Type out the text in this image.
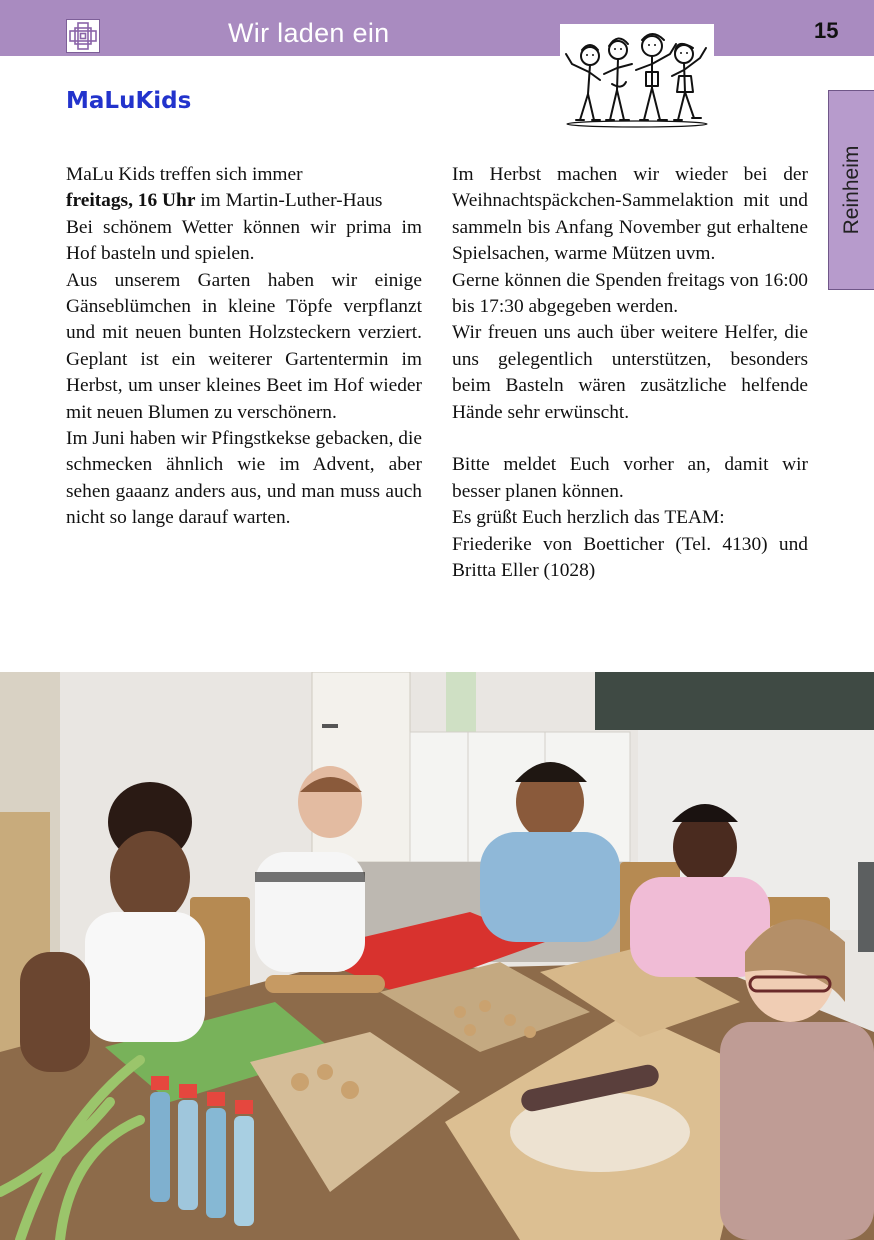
Wir laden ein	15
Reinheim
MaLuKids

MaLu Kids treffen sich immer
freitags, 16 Uhr im Martin-Luther-Haus

Bei schönem Wetter können wir prima im Hof basteln und spielen.

Aus unserem Garten haben wir einige Gänseblümchen in kleine Töpfe verpflanzt und mit neuen bunten Holzsteckern verziert. Geplant ist ein weiterer Gartentermin im Herbst, um unser kleines Beet im Hof wieder mit neuen Blumen zu verschönern.

Im Juni haben wir Pfingstkekse gebacken, die schmecken ähnlich wie im Advent, aber sehen gaaanz anders aus, und man muss auch nicht so lange darauf warten.

Im Herbst machen wir wieder bei der Weihnachtspäckchen-Sammelaktion mit und sammeln bis Anfang November gut erhaltene Spielsachen, warme Mützen uvm.

Gerne können die Spenden freitags von 16:00 bis 17:30 abgegeben werden.

Wir freuen uns auch über weitere Helfer, die uns gelegentlich unterstützen, besonders beim Basteln wären zusätzliche helfende Hände sehr erwünscht.

Bitte meldet Euch vorher an, damit wir besser planen können.

Es grüßt Euch herzlich das TEAM:

Friederike von Boetticher (Tel. 4130) und Britta Eller (1028)
